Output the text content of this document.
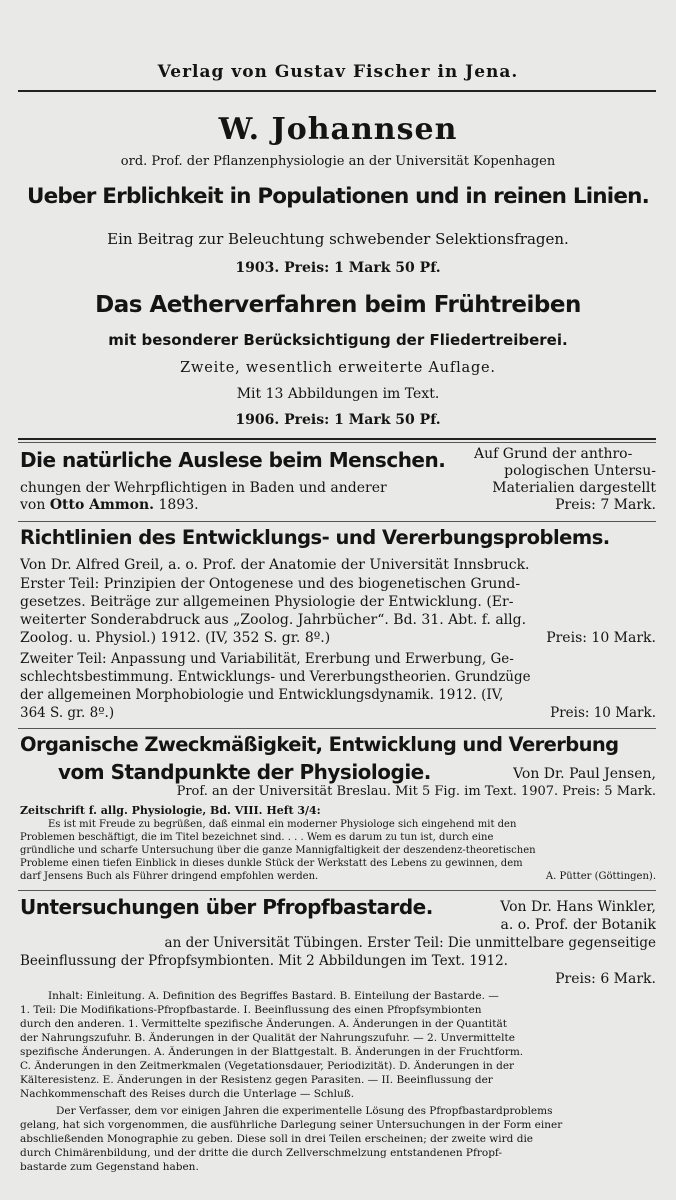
Verlag von Gustav Fischer in Jena.
W. Johannsen
ord. Prof. der Pflanzenphysiologie an der Universität Kopenhagen
Ueber Erblichkeit in Populationen und in reinen Linien.
Ein Beitrag zur Beleuchtung schwebender Selektionsfragen.
1903. Preis: 1 Mark 50 Pf.
Das Aetherverfahren beim Frühtreiben
mit besonderer Berücksichtigung der Fliedertreiberei.
Zweite, wesentlich erweiterte Auflage.
Mit 13 Abbildungen im Text.
1906. Preis: 1 Mark 50 Pf.
Die natürliche Auslese beim Menschen. Auf Grund der anthro-
pologischen Untersu-
chungen der Wehrpflichtigen in Baden und anderer	Materialien dargestellt
von Otto Ammon. 1893.	Preis: 7 Mark.
Richtlinien des Entwicklungs- und Vererbungsproblems.
Von Dr. Alfred Greil, a. o. Prof. der Anatomie der Universität Innsbruck.
Erster Teil: Prinzipien der Ontogenese und des biogenetischen Grund-
gesetzes. Beiträge zur allgemeinen Physiologie der Entwicklung. (Er-
weiterter Sonderabdruck aus „Zoolog. Jahrbücher“. Bd. 31. Abt. f. allg.
Zoolog. u. Physiol.) 1912. (IV, 352 S. gr. 8º.)	Preis: 10 Mark.
Zweiter Teil: Anpassung und Variabilität, Ererbung und Erwerbung, Ge-
schlechtsbestimmung. Entwicklungs- und Vererbungstheorien. Grundzüge
der allgemeinen Morphobiologie und Entwicklungsdynamik. 1912. (IV,
364 S. gr. 8º.)	Preis: 10 Mark.
Organische Zweckmäßigkeit, Entwicklung und Vererbung
vom Standpunkte der Physiologie.	Von Dr. Paul Jensen,
Prof. an der Universität Breslau. Mit 5 Fig. im Text. 1907. Preis: 5 Mark.
Zeitschrift f. allg. Physiologie, Bd. VIII. Heft 3/4:
Es ist mit Freude zu begrüßen, daß einmal ein moderner Physiologe sich eingehend mit den
Problemen beschäftigt, die im Titel bezeichnet sind. . . . Wem es darum zu tun ist, durch eine
gründliche und scharfe Untersuchung über die ganze Mannigfaltigkeit der deszendenz-theoretischen
Probleme einen tiefen Einblick in dieses dunkle Stück der Werkstatt des Lebens zu gewinnen, dem
darf Jensens Buch als Führer dringend empfohlen werden.	A. Pütter (Göttingen).
Untersuchungen über Pfropfbastarde.	Von Dr. Hans Winkler,
a. o. Prof. der Botanik
an der Universität Tübingen. Erster Teil: Die unmittelbare gegenseitige
Beeinflussung der Pfropfsymbionten. Mit 2 Abbildungen im Text. 1912.
Preis: 6 Mark.
Inhalt: Einleitung. A. Definition des Begriffes Bastard. B. Einteilung der Bastarde. —
1. Teil: Die Modifikations-Pfropfbastarde. I. Beeinflussung des einen Pfropfsymbionten
durch den anderen. 1. Vermittelte spezifische Änderungen. A. Änderungen in der Quantität
der Nahrungszufuhr. B. Änderungen in der Qualität der Nahrungszufuhr. — 2. Unvermittelte
spezifische Änderungen. A. Änderungen in der Blattgestalt. B. Änderungen in der Fruchtform.
C. Änderungen in den Zeitmerkmalen (Vegetationsdauer, Periodizität). D. Änderungen in der
Kälteresistenz. E. Änderungen in der Resistenz gegen Parasiten. — II. Beeinflussung der
Nachkommenschaft des Reises durch die Unterlage — Schluß.
Der Verfasser, dem vor einigen Jahren die experimentelle Lösung des Pfropfbastardproblems
gelang, hat sich vorgenommen, die ausführliche Darlegung seiner Untersuchungen in der Form einer
abschließenden Monographie zu geben. Diese soll in drei Teilen erscheinen; der zweite wird die
durch Chimärenbildung, und der dritte die durch Zellverschmelzung entstandenen Pfropf-
bastarde zum Gegenstand haben.
